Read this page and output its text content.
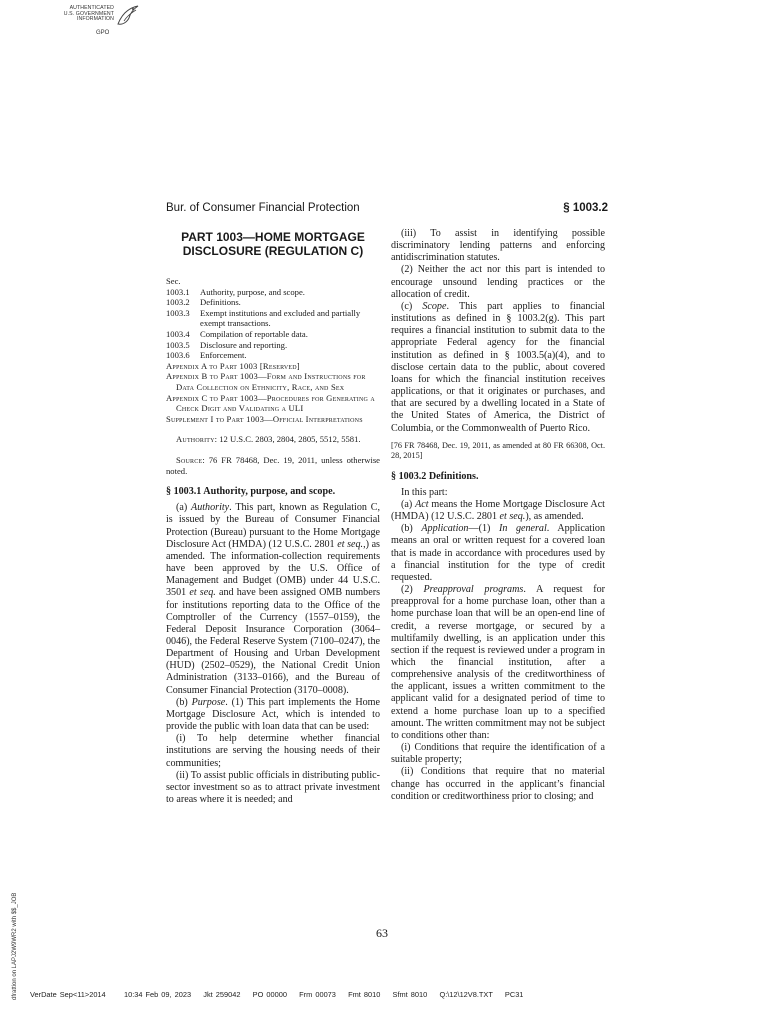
AUTHENTICATED
U.S. GOVERNMENT
INFORMATION
GPO
Bur. of Consumer Financial Protection	§ 1003.2
PART 1003—HOME MORTGAGE
DISCLOSURE (REGULATION C)
Sec.
1003.1	Authority, purpose, and scope.
1003.2	Definitions.
1003.3	Exempt institutions and excluded and partially exempt transactions.
1003.4	Compilation of reportable data.
1003.5	Disclosure and reporting.
1003.6	Enforcement.
Appendix A to Part 1003 [Reserved]
Appendix B to Part 1003—Form and Instructions for Data Collection on Ethnicity, Race, and Sex
Appendix C to Part 1003—Procedures for Generating a Check Digit and Validating a ULI
Supplement I to Part 1003—Official Interpretations

Authority: 12 U.S.C. 2803, 2804, 2805, 5512, 5581.

Source: 76 FR 78468, Dec. 19, 2011, unless otherwise noted.

§ 1003.1 Authority, purpose, and scope.

(a) Authority. This part, known as Regulation C, is issued by the Bureau of Consumer Financial Protection (Bureau) pursuant to the Home Mortgage Disclosure Act (HMDA) (12 U.S.C. 2801 et seq.,) as amended. The information-collection requirements have been approved by the U.S. Office of Management and Budget (OMB) under 44 U.S.C. 3501 et seq. and have been assigned OMB numbers for institutions reporting data to the Office of the Comptroller of the Currency (1557–0159), the Federal Deposit Insurance Corporation (3064–0046), the Federal Reserve System (7100–0247), the Department of Housing and Urban Development (HUD) (2502–0529), the National Credit Union Administration (3133–0166), and the Bureau of Consumer Financial Protection (3170–0008).

(b) Purpose. (1) This part implements the Home Mortgage Disclosure Act, which is intended to provide the public with loan data that can be used:

(i) To help determine whether financial institutions are serving the housing needs of their communities;

(ii) To assist public officials in distributing public-sector investment so as to attract private investment to areas where it is needed; and

(iii) To assist in identifying possible discriminatory lending patterns and enforcing antidiscrimination statutes.

(2) Neither the act nor this part is intended to encourage unsound lending practices or the allocation of credit.

(c) Scope. This part applies to financial institutions as defined in § 1003.2(g). This part requires a financial institution to submit data to the appropriate Federal agency for the financial institution as defined in § 1003.5(a)(4), and to disclose certain data to the public, about covered loans for which the financial institution receives applications, or that it originates or purchases, and that are secured by a dwelling located in a State of the United States of America, the District of Columbia, or the Commonwealth of Puerto Rico.

[76 FR 78468, Dec. 19, 2011, as amended at 80 FR 66308, Oct. 28, 2015]

§ 1003.2 Definitions.

In this part:

(a) Act means the Home Mortgage Disclosure Act (HMDA) (12 U.S.C. 2801 et seq.), as amended.

(b) Application—(1) In general. Application means an oral or written request for a covered loan that is made in accordance with procedures used by a financial institution for the type of credit requested.

(2) Preapproval programs. A request for preapproval for a home purchase loan, other than a home purchase loan that will be an open-end line of credit, a reverse mortgage, or secured by a multifamily dwelling, is an application under this section if the request is reviewed under a program in which the financial institution, after a comprehensive analysis of the creditworthiness of the applicant, issues a written commitment to the applicant valid for a designated period of time to extend a home purchase loan up to a specified amount. The written commitment may not be subject to conditions other than:

(i) Conditions that require the identification of a suitable property;

(ii) Conditions that require that no material change has occurred in the applicant’s financial condition or creditworthiness prior to closing; and

63
dfrattion on LAPJ2W9WR2 with $$_JOB VerDate Sep<11>2014      10:34 Feb 09, 2023    Jkt 259042    PO 00000    Frm 00073    Fmt 8010    Sfmt 8010    Q:\12\12V8.TXT    PC31
